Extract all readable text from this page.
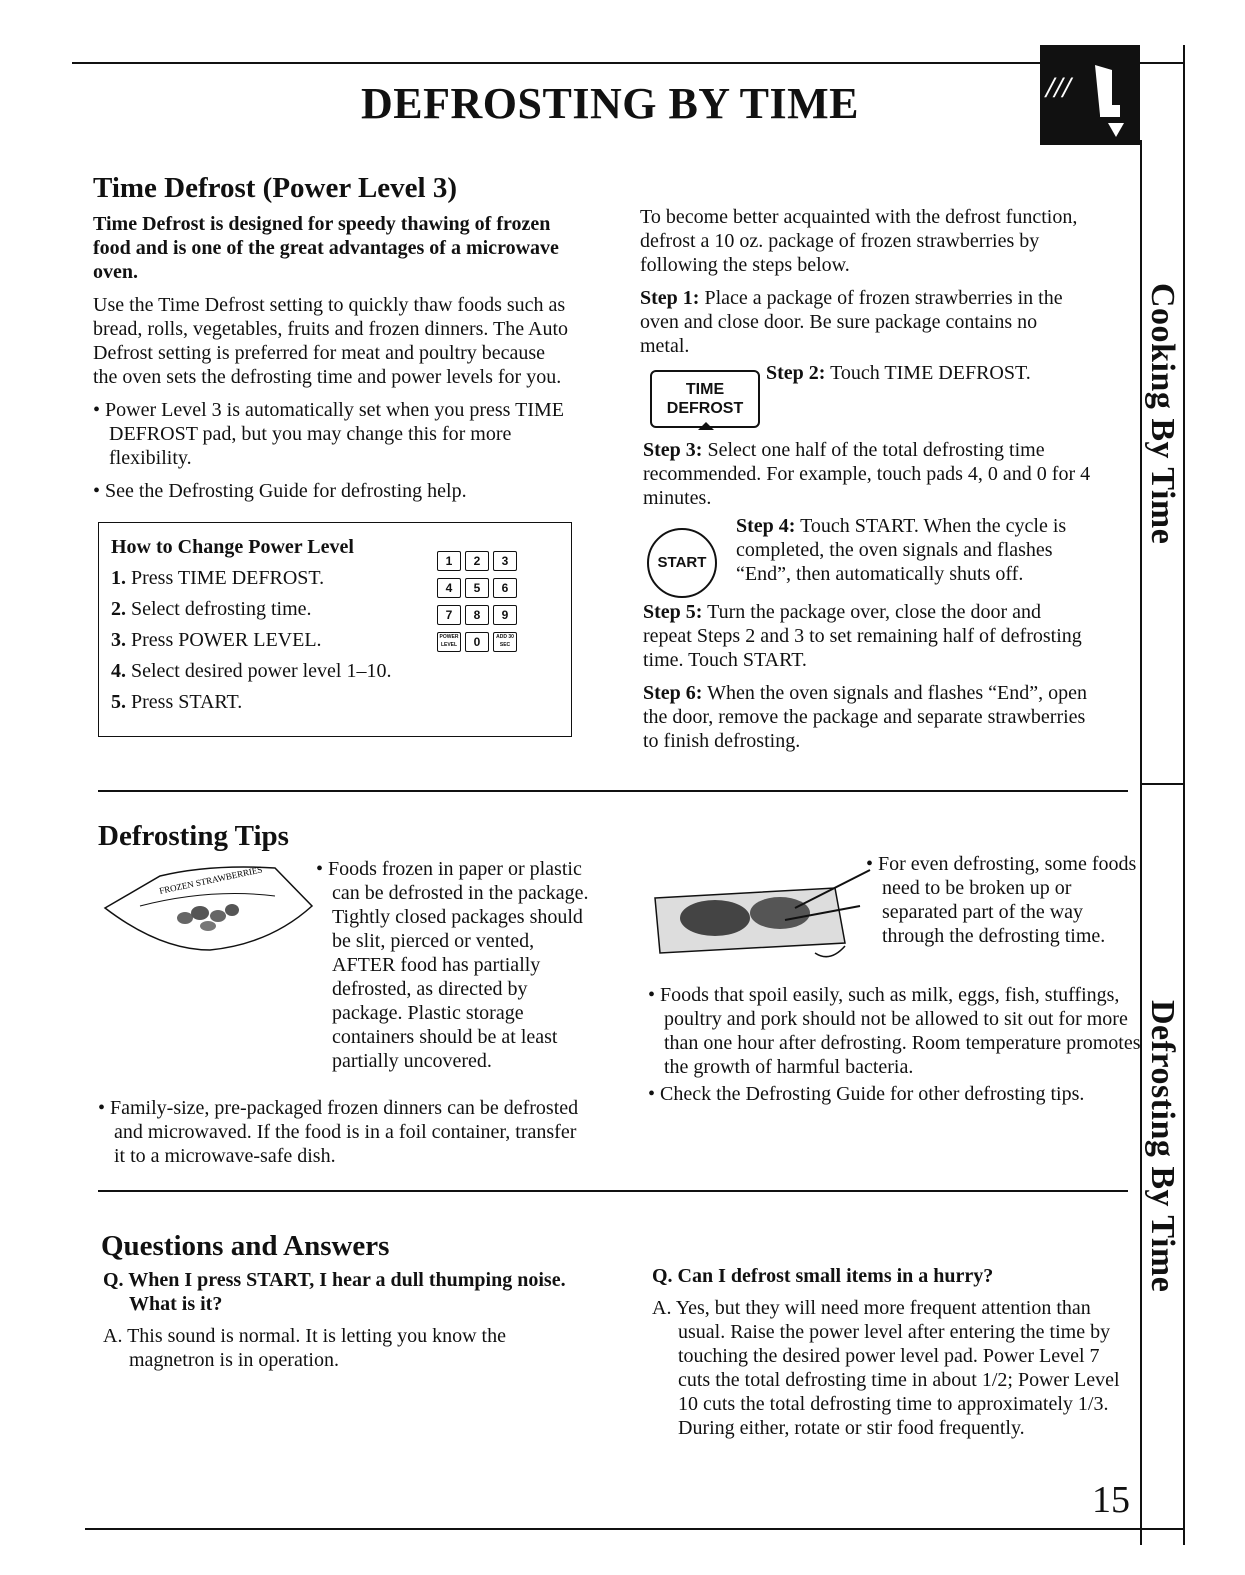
DEFROSTING BY TIME	///
Cooking By Time
Defrosting By Time
Time Defrost (Power Level 3)

Time Defrost is designed for speedy thawing of frozen food and is one of the great advantages of a microwave oven.

Use the Time Defrost setting to quickly thaw foods such as bread, rolls, vegetables, fruits and frozen dinners. The Auto Defrost setting is preferred for meat and poultry because the oven sets the defrosting time and power levels for you.

• Power Level 3 is automatically set when you press TIME DEFROST pad, but you may change this for more flexibility.

• See the Defrosting Guide for defrosting help.

How to Change Power Level

1. Press TIME DEFROST.

2. Select defrosting time.

3. Press POWER LEVEL.

4. Select desired power level 1–10.

5. Press START.

1 2 3
4 5 6
7 8 9
POWER LEVEL 0	ADD 30 SEC

To become better acquainted with the defrost function, defrost a 10 oz. package of frozen strawberries by following the steps below.

Step 1: Place a package of frozen strawberries in the oven and close door. Be sure package contains no metal.

TIME
DEFROST

Step 2: Touch TIME DEFROST.

Step 3: Select one half of the total defrosting time recommended. For example, touch pads 4, 0 and 0 for 4 minutes.

START

Step 4: Touch START. When the cycle is completed, the oven signals and flashes “End”, then automatically shuts off.

Step 5: Turn the package over, close the door and repeat Steps 2 and 3 to set remaining half of defrosting time. Touch START.

Step 6: When the oven signals and flashes “End”, open the door, remove the package and separate strawberries to finish defrosting.

Defrosting Tips
FROZEN STRAWBERRIES	• Foods frozen in paper or plastic can be defrosted in the package. Tightly closed packages should be slit, pierced or vented, AFTER food has partially defrosted, as directed by package. Plastic storage containers should be at least partially uncovered.

• Family-size, pre-packaged frozen dinners can be defrosted and microwaved. If the food is in a foil container, transfer it to a microwave-safe dish.

• For even defrosting, some foods need to be broken up or separated part of the way through the defrosting time.

• Foods that spoil easily, such as milk, eggs, fish, stuffings, poultry and pork should not be allowed to sit out for more than one hour after defrosting. Room temperature promotes the growth of harmful bacteria.

• Check the Defrosting Guide for other defrosting tips.

Questions and Answers

Q. When I press START, I hear a dull thumping noise. What is it?

A. This sound is normal. It is letting you know the magnetron is in operation.

Q. Can I defrost small items in a hurry?

A. Yes, but they will need more frequent attention than usual. Raise the power level after entering the time by touching the desired power level pad. Power Level 7 cuts the total defrosting time in about 1/2; Power Level 10 cuts the total defrosting time to approximately 1/3. During either, rotate or stir food frequently.

15
